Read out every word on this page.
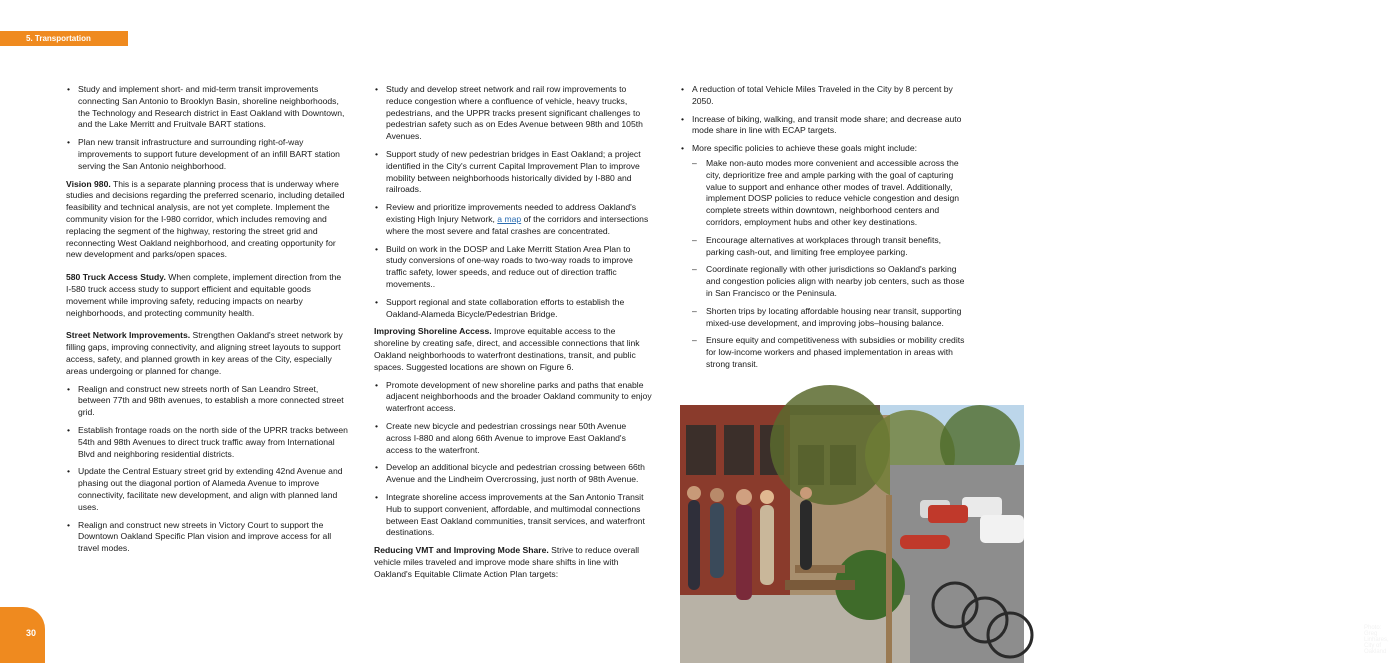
5. Transportation
• Study and implement short- and mid-term transit improvements connecting San Antonio to Brooklyn Basin, shoreline neighborhoods, the Technology and Research district in East Oakland with Downtown, and the Lake Merritt and Fruitvale BART stations.
• Plan new transit infrastructure and surrounding right-of-way improvements to support future development of an infill BART station serving the San Antonio neighborhood.

Vision 980. This is a separate planning process that is underway where studies and decisions regarding the preferred scenario, including detailed feasibility and technical analysis, are not yet complete. Implement the community vision for the I-980 corridor, which includes removing and replacing the segment of the highway, restoring the street grid and reconnecting West Oakland neighborhood, and creating opportunity for new development and parks/open spaces.

580 Truck Access Study. When complete, implement direction from the I-580 truck access study to support efficient and equitable goods movement while improving safety, reducing impacts on nearby neighborhoods, and protecting community health.

Street Network Improvements. Strengthen Oakland's street network by filling gaps, improving connectivity, and aligning street layouts to support access, safety, and planned growth in key areas of the City, especially areas undergoing or planned for change.

• Realign and construct new streets north of San Leandro Street, between 77th and 98th avenues, to establish a more connected street grid.
• Establish frontage roads on the north side of the UPRR tracks between 54th and 98th Avenues to direct truck traffic away from International Blvd and neighboring residential districts.
• Update the Central Estuary street grid by extending 42nd Avenue and phasing out the diagonal portion of Alameda Avenue to improve connectivity, facilitate new development, and align with planned land uses.
• Realign and construct new streets in Victory Court to support the Downtown Oakland Specific Plan vision and improve access for all travel modes.
• Study and develop street network and rail row improvements to reduce congestion where a confluence of vehicle, heavy trucks, pedestrians, and the UPPR tracks present significant challenges to pedestrian safety such as on Edes Avenue between 98th and 105th Avenues.
• Support study of new pedestrian bridges in East Oakland; a project identified in the City's current Capital Improvement Plan to improve mobility between neighborhoods historically divided by I-880 and railroads.
• Review and prioritize improvements needed to address Oakland's existing High Injury Network, a map of the corridors and intersections where the most severe and fatal crashes are concentrated.
• Build on work in the DOSP and Lake Merritt Station Area Plan to study conversions of one-way roads to two-way roads to improve traffic safety, lower speeds, and reduce out of direction traffic movements..
• Support regional and state collaboration efforts to establish the Oakland-Alameda Bicycle/Pedestrian Bridge.

Improving Shoreline Access. Improve equitable access to the shoreline by creating safe, direct, and accessible connections that link Oakland neighborhoods to waterfront destinations, transit, and public spaces. Suggested locations are shown on Figure 6.

• Promote development of new shoreline parks and paths that enable adjacent neighborhoods and the broader Oakland community to enjoy waterfront access.
• Create new bicycle and pedestrian crossings near 50th Avenue across I-880 and along 66th Avenue to improve East Oakland's access to the waterfront.
• Develop an additional bicycle and pedestrian crossing between 66th Avenue and the Lindheim Overcrossing, just north of 98th Avenue.
• Integrate shoreline access improvements at the San Antonio Transit Hub to support convenient, affordable, and multimodal connections between East Oakland communities, transit services, and waterfront destinations.

Reducing VMT and Improving Mode Share. Strive to reduce overall vehicle miles traveled and improve mode share shifts in line with Oakland's Equitable Climate Action Plan targets:

• A reduction of total Vehicle Miles Traveled in the City by 8 percent by 2050.
• Increase of biking, walking, and transit mode share; and decrease auto mode share in line with ECAP targets.
• More specific policies to achieve these goals might include:
– Make non-auto modes more convenient and accessible across the city, deprioritize free and ample parking with the goal of capturing value to support and enhance other modes of travel. Additionally, implement DOSP policies to reduce vehicle congestion and design complete streets within downtown, neighborhood centers and corridors, employment hubs and other key destinations.
– Encourage alternatives at workplaces through transit benefits, parking cash-out, and limiting free employee parking.
– Coordinate regionally with other jurisdictions so Oakland's parking and congestion policies align with nearby job centers, such as those in San Francisco or the Peninsula.
– Shorten trips by locating affordable housing near transit, supporting mixed-use development, and improving jobs–housing balance.
– Ensure equity and competitiveness with subsidies or mobility credits for low-income workers and phased implementation in areas with strong transit.
Photo: Greg Linhares, City of Oakland
30
